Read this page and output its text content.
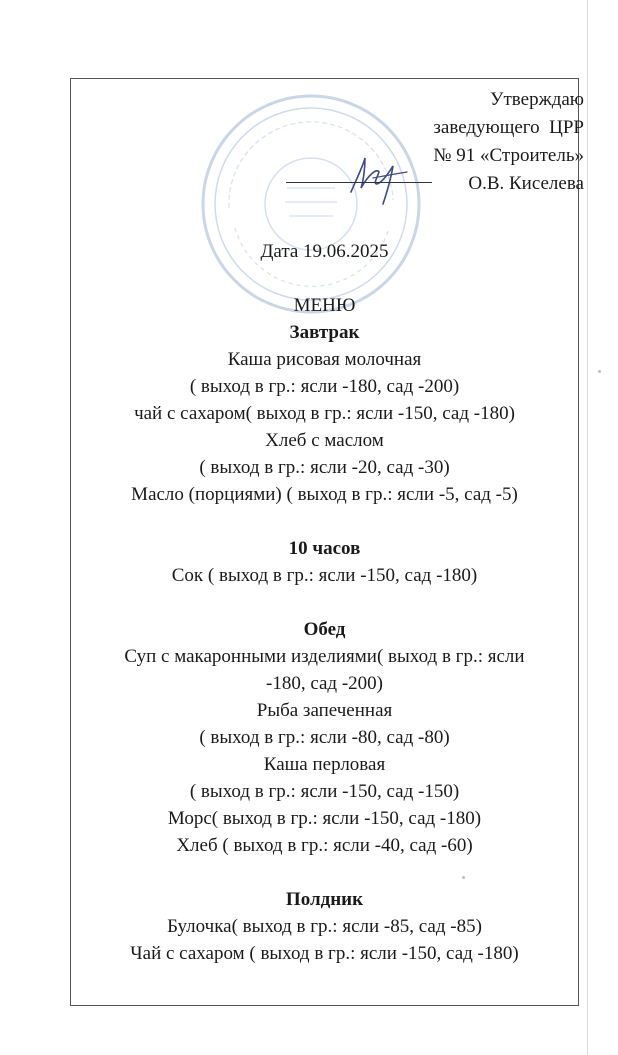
Утверждаю
заведующего  ЦРР
№ 91 «Строитель»
О.В. Киселева
Дата 19.06.2025
МЕНЮ
Завтрак
Каша рисовая молочная
( выход в гр.: ясли -180, сад -200)
чай с сахаром( выход в гр.: ясли -150, сад -180)
Хлеб с маслом
( выход в гр.: ясли -20, сад -30)
Масло (порциями) ( выход в гр.: ясли -5, сад -5)
10 часов
Сок ( выход в гр.: ясли -150, сад -180)
Обед
Суп с макаронными изделиями( выход в гр.: ясли
-180, сад -200)
Рыба запеченная
( выход в гр.: ясли -80, сад -80)
Каша перловая
( выход в гр.: ясли -150, сад -150)
Морс( выход в гр.: ясли -150, сад -180)
Хлеб ( выход в гр.: ясли -40, сад -60)
Полдник
Булочка( выход в гр.: ясли -85, сад -85)
Чай с сахаром ( выход в гр.: ясли -150, сад -180)
